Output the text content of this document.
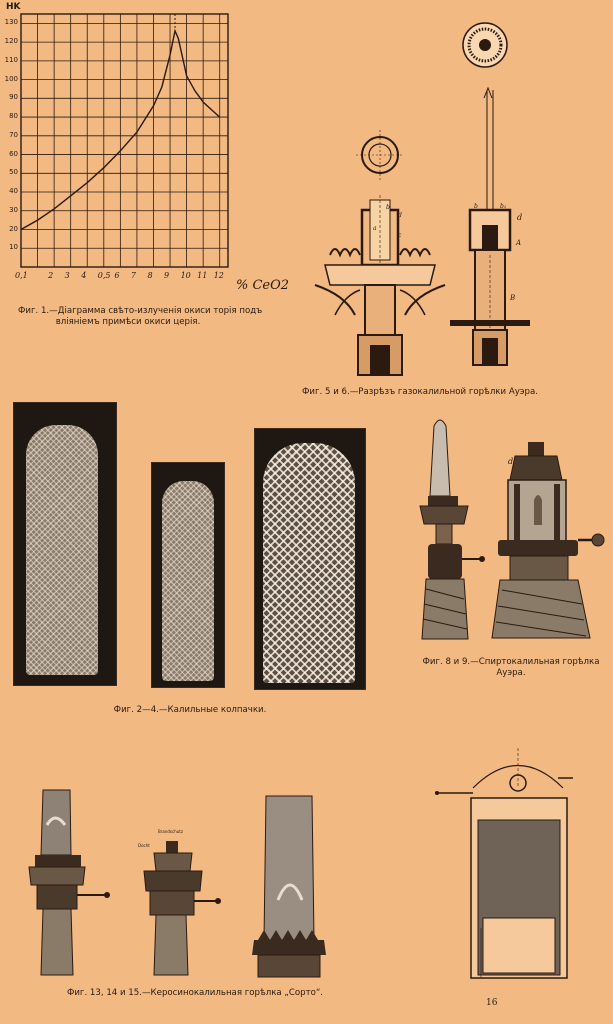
HK
% CeO2
10
20
30
40
50
60
70
80
90
100
110
120
130
0,1	2 3 4 0,5 6 7 8 9 10 11 12
Фиг. 1.—Діаграмма свѣто-излученія окиси торія подъ
вліяніемъ примѣси окиси церія.
b
a
d
c
b	b₁
d
A
B
Фиг. 5 и 6.—Разрѣзъ газокалильной горѣлки Ауэра.
Фиг. 2—4.—Калильные колпачки.
d
Фиг. 8 и 9.—Спиртокалильная горѣлка
Ауэра.
Brandschutz
Docht
Фиг. 13, 14 и 15.—Керосинокалильная горѣлка „Сорто“.
16
